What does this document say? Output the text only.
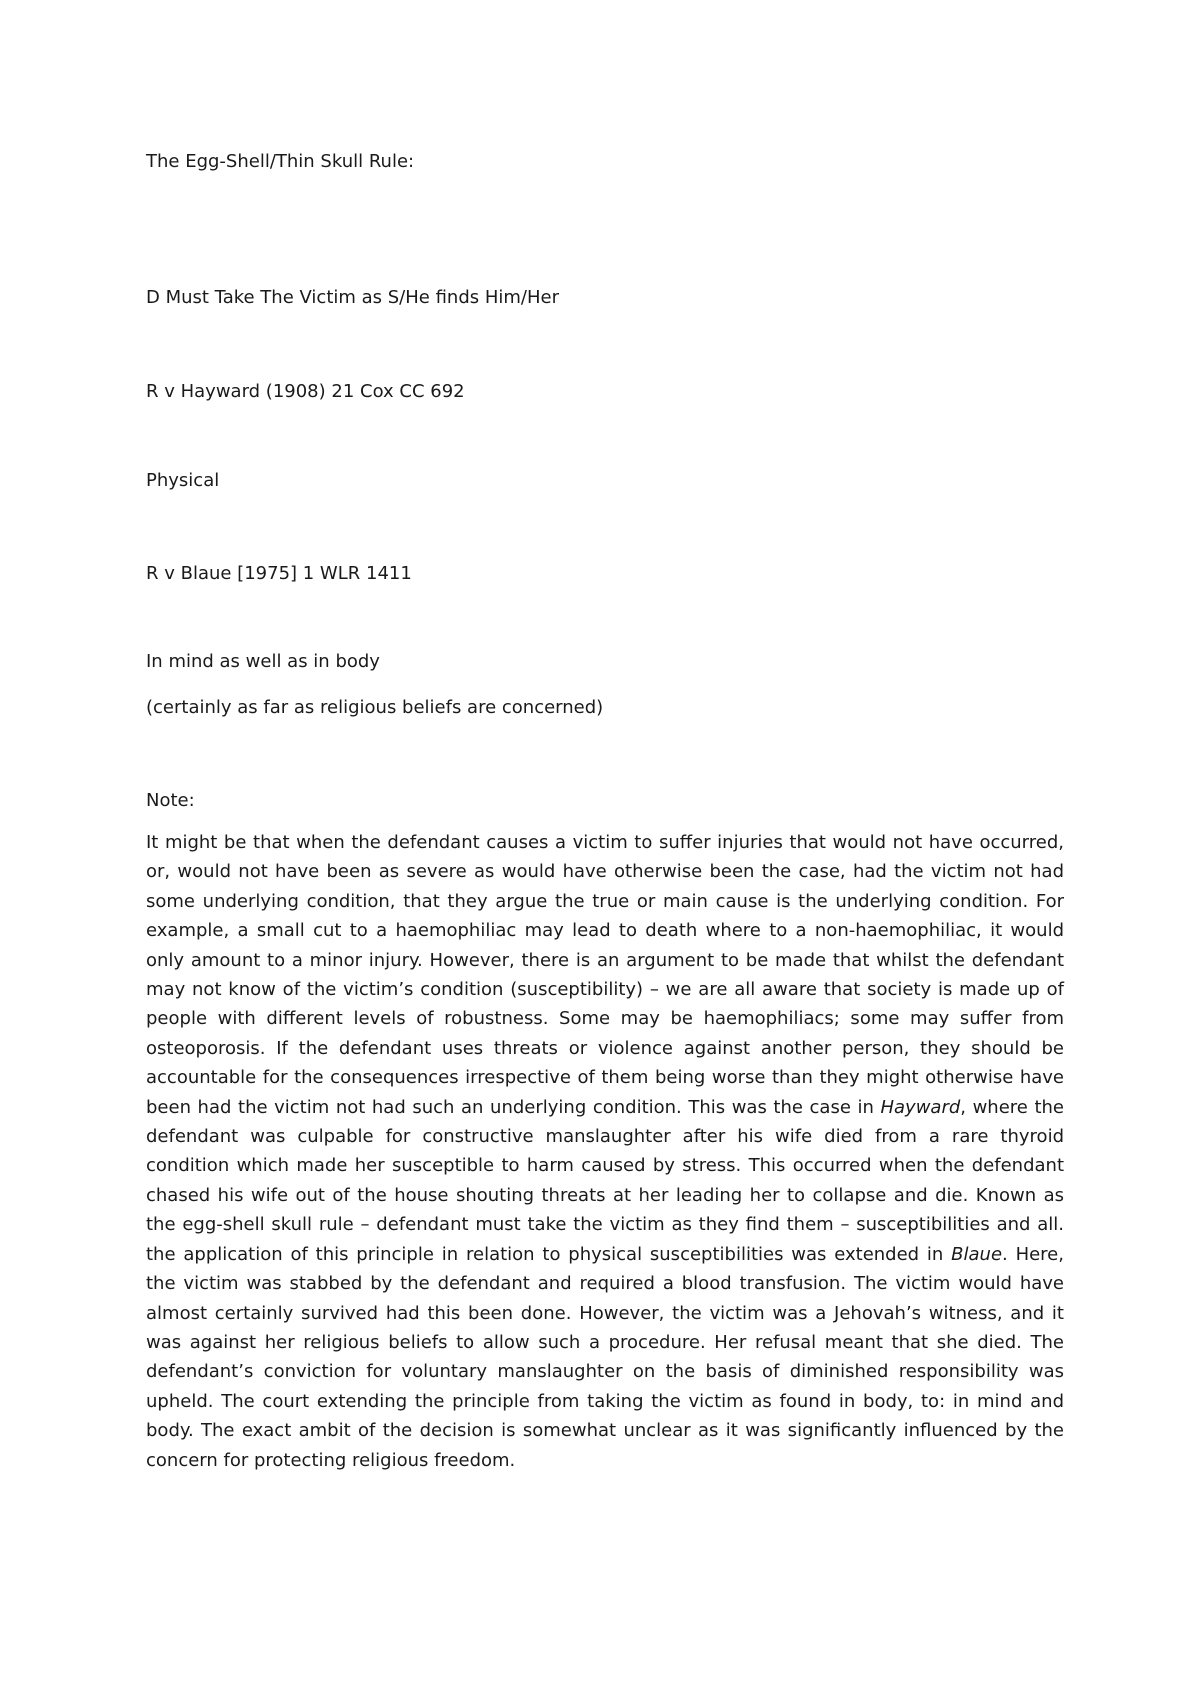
The Egg-Shell/Thin Skull Rule:

D Must Take The Victim as S/He finds Him/Her

R v Hayward (1908) 21 Cox CC 692

Physical

R v Blaue [1975] 1 WLR 1411

In mind as well as in body

(certainly as far as religious beliefs are concerned)

Note:

It might be that when the defendant causes a victim to suffer injuries that would not have occurred, or, would not have been as severe as would have otherwise been the case, had the victim not had some underlying condition, that they argue the true or main cause is the underlying condition. For example, a small cut to a haemophiliac may lead to death where to a non-haemophiliac, it would only amount to a minor injury. However, there is an argument to be made that whilst the defendant may not know of the victim’s condition (susceptibility) – we are all aware that society is made up of people with different levels of robustness. Some may be haemophiliacs; some may suffer from osteoporosis. If the defendant uses threats or violence against another person, they should be accountable for the consequences irrespective of them being worse than they might otherwise have been had the victim not had such an underlying condition. This was the case in Hayward, where the defendant was culpable for constructive manslaughter after his wife died from a rare thyroid condition which made her susceptible to harm caused by stress. This occurred when the defendant chased his wife out of the house shouting threats at her leading her to collapse and die. Known as the egg-shell skull rule – defendant must take the victim as they find them – susceptibilities and all. the application of this principle in relation to physical susceptibilities was extended in Blaue. Here, the victim was stabbed by the defendant and required a blood transfusion. The victim would have almost certainly survived had this been done. However, the victim was a Jehovah’s witness, and it was against her religious beliefs to allow such a procedure. Her refusal meant that she died. The defendant’s conviction for voluntary manslaughter on the basis of diminished responsibility was upheld. The court extending the principle from taking the victim as found in body, to: in mind and body. The exact ambit of the decision is somewhat unclear as it was significantly influenced by the concern for protecting religious freedom.
